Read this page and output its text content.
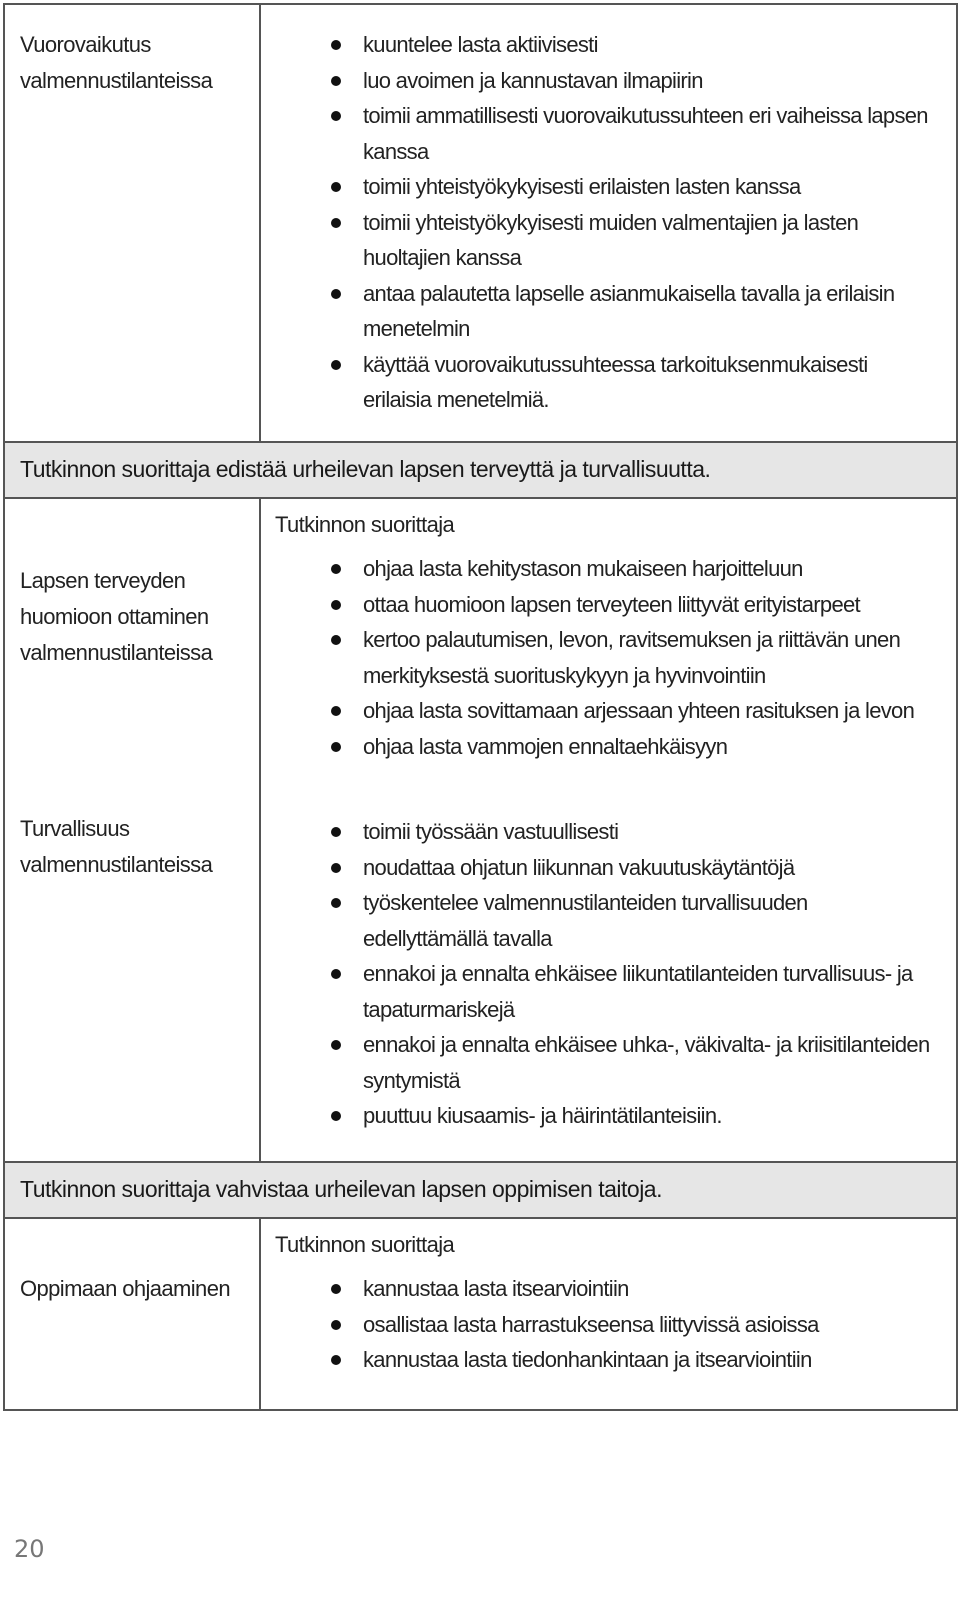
Vuorovaikutus
valmennustilanteissa
kuuntelee lasta aktiivisesti
luo avoimen ja kannustavan ilmapiirin
toimii ammatillisesti vuorovaikutussuhteen eri vaiheissa lapsen kanssa
toimii yhteistyökykyisesti erilaisten lasten kanssa
toimii yhteistyökykyisesti muiden valmentajien ja lasten huoltajien kanssa
antaa palautetta lapselle asianmukaisella tavalla ja erilaisin menetelmin
käyttää vuorovaikutussuhteessa tarkoituksenmukaisesti erilaisia menetelmiä.
Tutkinnon suorittaja edistää urheilevan lapsen terveyttä ja turvallisuutta.
Lapsen terveyden
huomioon ottaminen
valmennustilanteissa
Turvallisuus
valmennustilanteissa
Tutkinnon suorittaja
ohjaa lasta kehitystason mukaiseen harjoitteluun
ottaa huomioon lapsen terveyteen liittyvät erityistarpeet
kertoo palautumisen, levon, ravitsemuksen ja riittävän unen merkityksestä suorituskykyyn ja hyvinvointiin
ohjaa lasta sovittamaan arjessaan yhteen rasituksen ja levon
ohjaa lasta vammojen ennaltaehkäisyyn
toimii työssään vastuullisesti
noudattaa ohjatun liikunnan vakuutuskäytäntöjä
työskentelee valmennustilanteiden turvallisuuden edellyttämällä tavalla
ennakoi ja ennalta ehkäisee liikuntatilanteiden turvallisuus- ja tapaturmariskejä
ennakoi ja ennalta ehkäisee uhka-, väkivalta- ja kriisitilanteiden syntymistä
puuttuu kiusaamis- ja häirintätilanteisiin.
Tutkinnon suorittaja vahvistaa urheilevan lapsen oppimisen taitoja.
Oppimaan ohjaaminen
Tutkinnon suorittaja
kannustaa lasta itsearviointiin
osallistaa lasta harrastukseensa liittyvissä asioissa
kannustaa lasta tiedonhankintaan ja itsearviointiin
20
